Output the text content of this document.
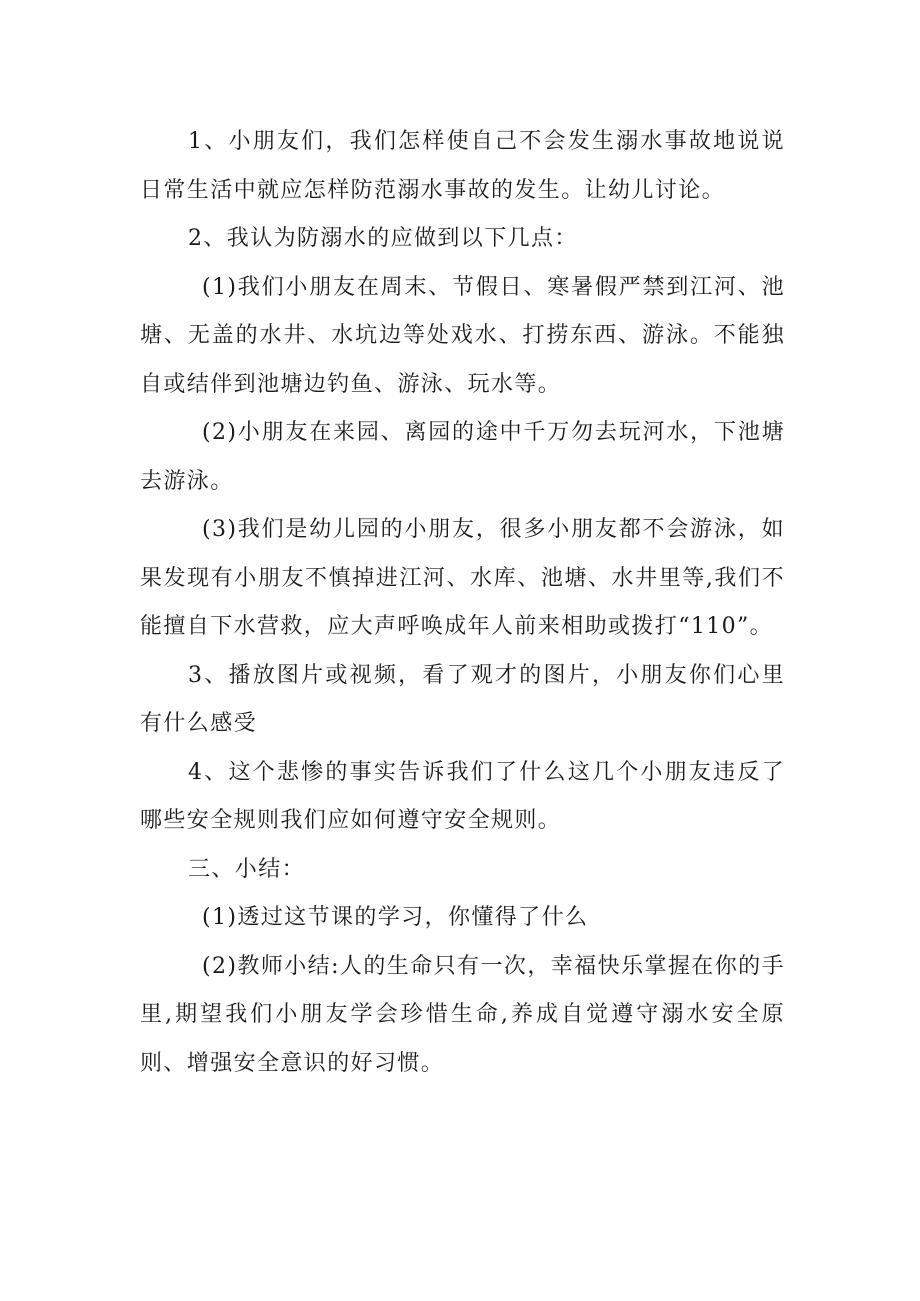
1、小朋友们，我们怎样使自己不会发生溺水事故地说说日常生活中就应怎样防范溺水事故的发生。让幼儿讨论。

2、我认为防溺水的应做到以下几点：

(1)我们小朋友在周末、节假日、寒暑假严禁到江河、池塘、无盖的水井、水坑边等处戏水、打捞东西、游泳。不能独自或结伴到池塘边钓鱼、游泳、玩水等。

(2)小朋友在来园、离园的途中千万勿去玩河水，下池塘去游泳。

(3)我们是幼儿园的小朋友，很多小朋友都不会游泳，如果发现有小朋友不慎掉进江河、水库、池塘、水井里等,我们不能擅自下水营救，应大声呼唤成年人前来相助或拨打“110”。

3、播放图片或视频，看了观才的图片，小朋友你们心里有什么感受

4、这个悲惨的事实告诉我们了什么这几个小朋友违反了哪些安全规则我们应如何遵守安全规则。

三、小结：

(1)透过这节课的学习，你懂得了什么

(2)教师小结:人的生命只有一次，幸福快乐掌握在你的手里,期望我们小朋友学会珍惜生命,养成自觉遵守溺水安全原则、增强安全意识的好习惯。
